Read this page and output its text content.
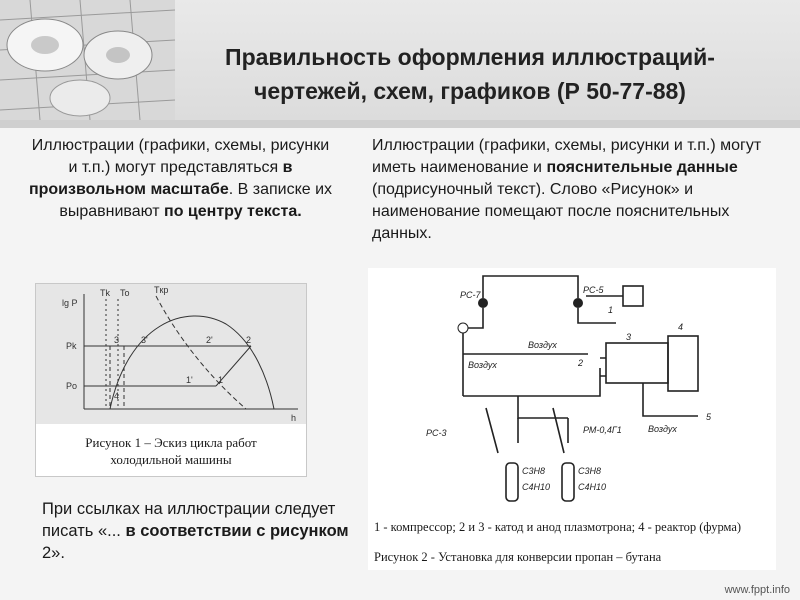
Правильность оформления иллюстраций-
чертежей, схем, графиков (Р 50-77-88)
Иллюстрации (графики, схемы, рисунки и т.п.) могут представляться в произвольном масштабе. В записке их выравнивают по центру текста.
Иллюстрации (графики, схемы, рисунки и т.п.) могут иметь наименование и пояснительные данные (подрисуночный текст). Слово «Рисунок» и наименование помещают после пояснительных данных.
lg P
h
Pk
Po
3 3'	2'	2
4
1'	1
Tk To	Tкр
Рисунок 1 – Эскиз цикла работ
холодильной машины
РС-7	РС-5
1
2
3
4
5
Воздух
Воздух
Воздух
РС-3	РМ-0,4Г1
C3H8
C4H10
C3H8
C4H10
1 - компрессор; 2 и 3 - катод и анод плазмотрона; 4 - реактор (фурма)
Рисунок 2 - Установка для конверсии пропан – бутана
При ссылках на иллюстрации следует писать «... в соответствии с рисунком 2».
www.fppt.info
